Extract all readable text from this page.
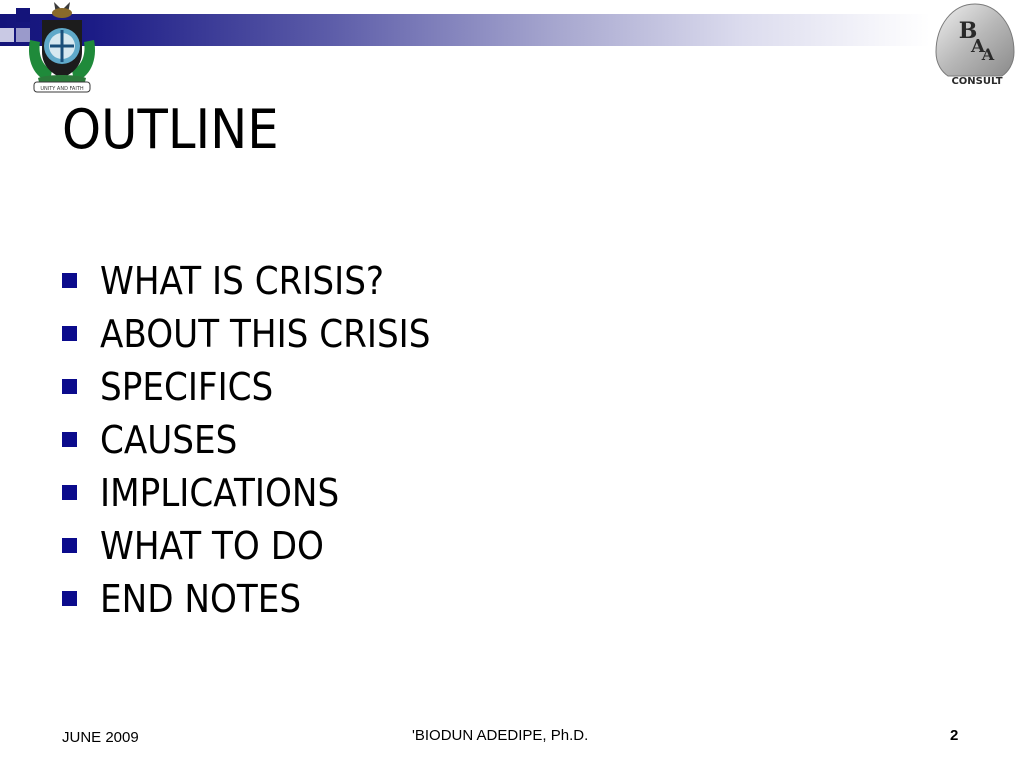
UNITY AND FAITH
B
A
A
CONSULT
OUTLINE
WHAT IS CRISIS?
ABOUT THIS CRISIS
SPECIFICS
CAUSES
IMPLICATIONS
WHAT TO DO
END NOTES
JUNE 2009	'BIODUN ADEDIPE, Ph.D.	2
